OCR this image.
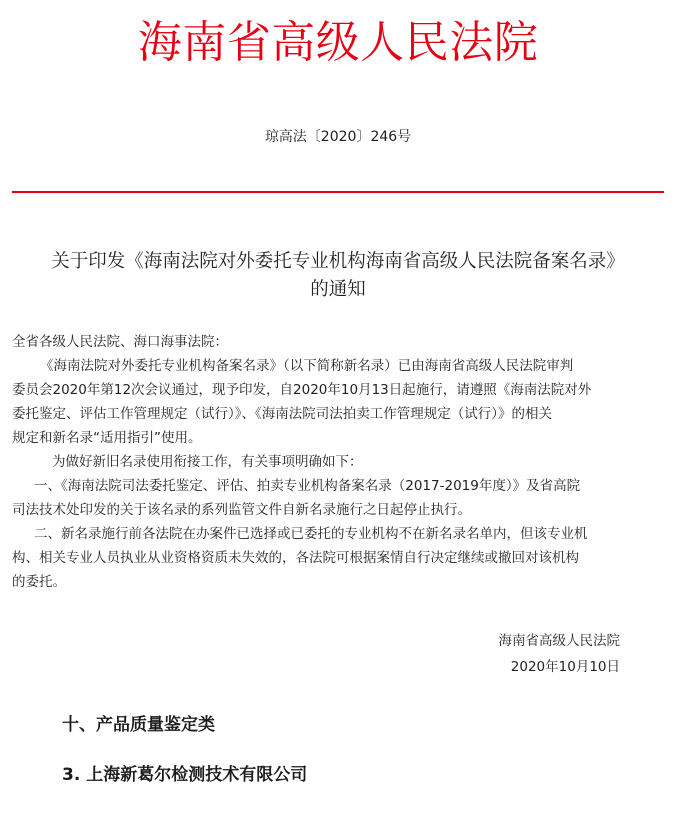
海南省高级人民法院
琼高法〔2020〕246号
关于印发《海南法院对外委托专业机构海南省高级人民法院备案名录》
的通知

全省各级人民法院、海口海事法院：

《海南法院对外委托专业机构备案名录》（以下简称新名录）已由海南省高级人民法院审判

委员会2020年第12次会议通过，现予印发，自2020年10月13日起施行，请遵照《海南法院对外

委托鉴定、评估工作管理规定（试行）》、《海南法院司法拍卖工作管理规定（试行）》的相关

规定和新名录“适用指引”使用。

为做好新旧名录使用衔接工作，有关事项明确如下：

一、《海南法院司法委托鉴定、评估、拍卖专业机构备案名录（2017-2019年度）》及省高院

司法技术处印发的关于该名录的系列监管文件自新名录施行之日起停止执行。

二、新名录施行前各法院在办案件已选择或已委托的专业机构不在新名录名单内，但该专业机

构、相关专业人员执业从业资格资质未失效的，各法院可根据案情自行决定继续或撤回对该机构

的委托。

海南省高级人民法院
2020年10月10日
十、产品质量鉴定类
3. 上海新葛尔检测技术有限公司
